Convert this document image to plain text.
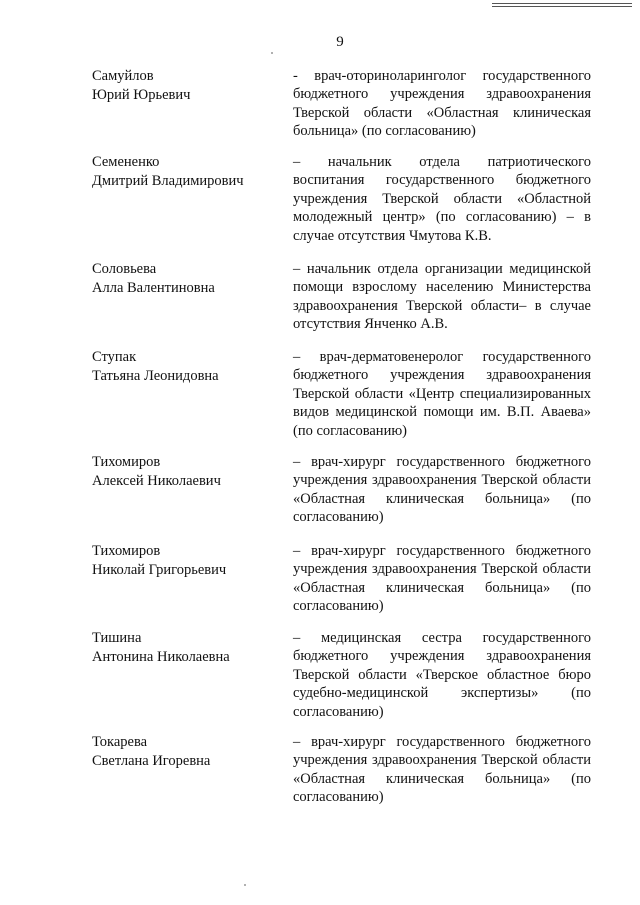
9
Самуйлов
Юрий Юрьевич
- врач-оториноларинголог государственного бюджетного учреждения здравоохранения Тверской области «Областная клиническая больница» (по согласованию)
Семененко
Дмитрий Владимирович
– начальник отдела патриотического воспитания государственного бюджетного учреждения Тверской области «Областной молодежный центр» (по согласованию) – в случае отсутствия Чмутова К.В.
Соловьева
Алла Валентиновна
– начальник отдела организации медицинской помощи взрослому населению Министерства здравоохранения Тверской области– в случае отсутствия Янченко А.В.
Ступак
Татьяна Леонидовна
– врач-дерматовенеролог государственного бюджетного учреждения здравоохранения Тверской области «Центр специализированных видов медицинской помощи им. В.П. Аваева» (по согласованию)
Тихомиров
Алексей Николаевич
– врач-хирург государственного бюджетного учреждения здравоохранения Тверской области «Областная клиническая больница» (по согласованию)
Тихомиров
Николай Григорьевич
– врач-хирург государственного бюджетного учреждения здравоохранения Тверской области «Областная клиническая больница» (по согласованию)
Тишина
Антонина Николаевна
– медицинская сестра государственного бюджетного учреждения здравоохранения Тверской области «Тверское областное бюро судебно-медицинской экспертизы» (по согласованию)
Токарева
Светлана Игоревна
– врач-хирург государственного бюджетного учреждения здравоохранения Тверской области «Областная клиническая больница» (по согласованию)
